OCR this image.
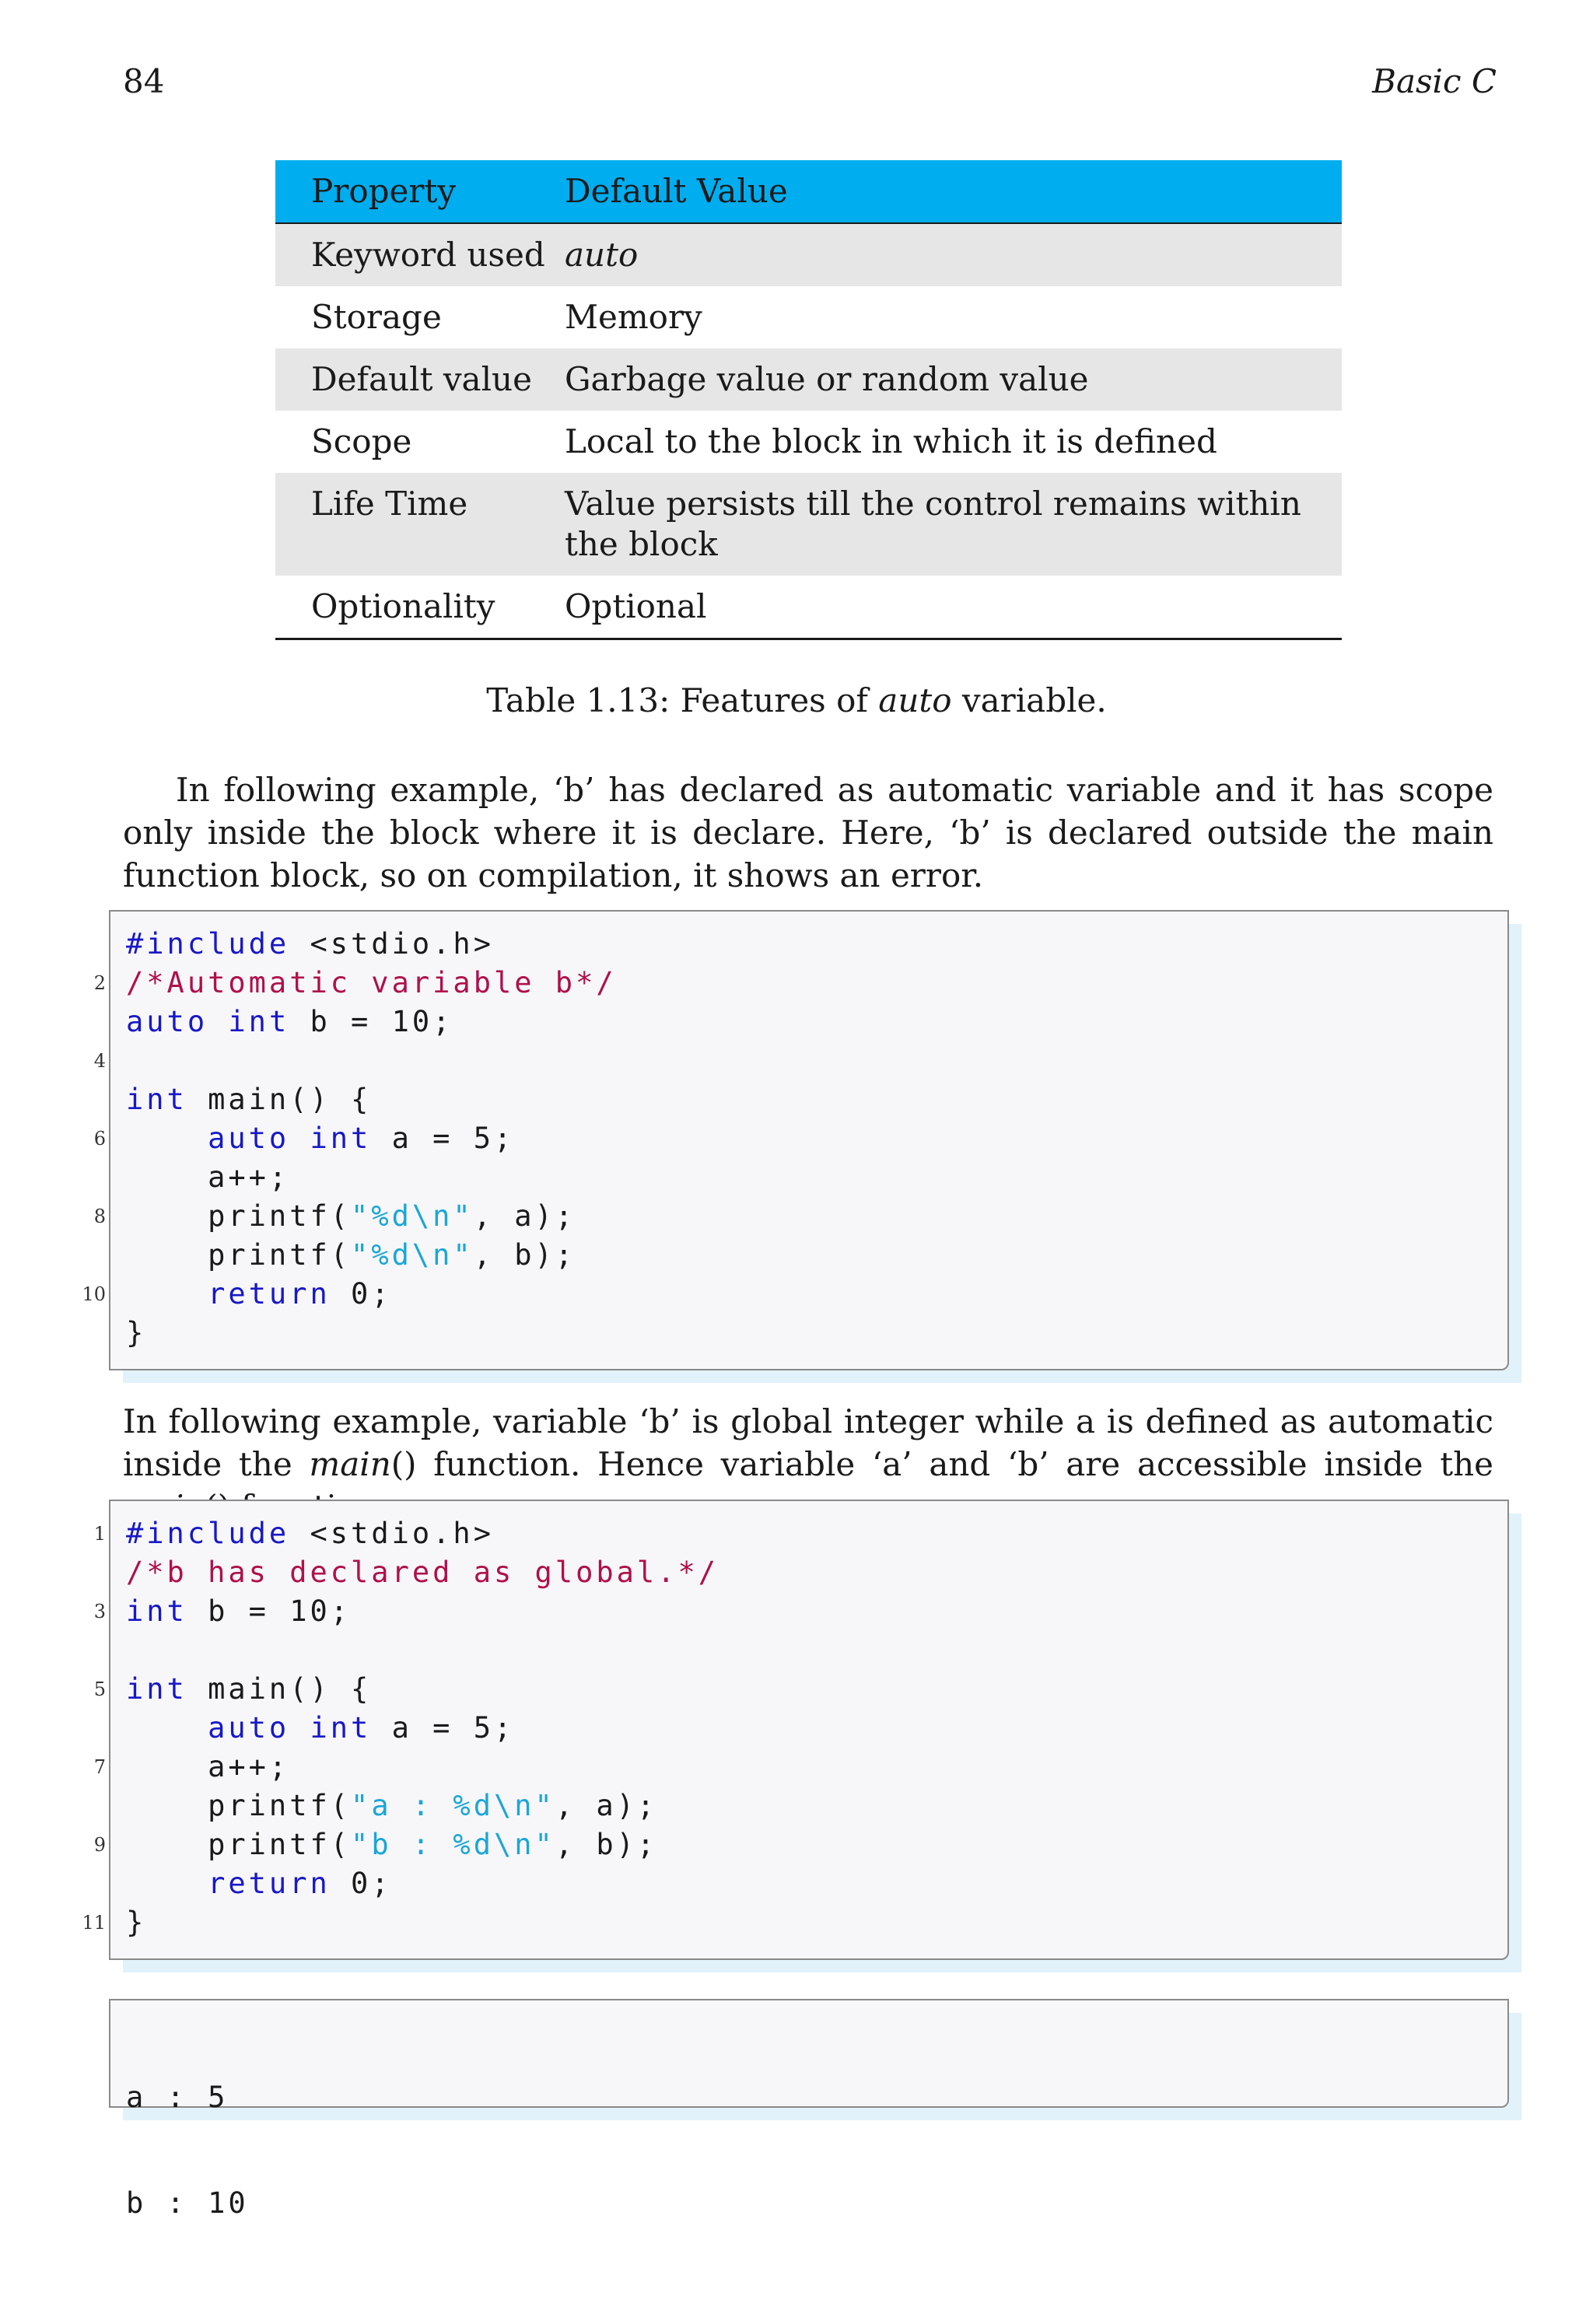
84	Basic C
Property	Default Value
Keyword used	auto
Storage	Memory
Default value	Garbage value or random value
Scope	Local to the block in which it is defined
Life Time	Value persists till the control remains within the block
Optionality	Optional
Table 1.13: Features of auto variable.

In following example, ‘b’ has declared as automatic variable and it has scope only inside the block where it is declare. Here, ‘b’ is declared outside the main function block, so on compilation, it shows an error.

2
4
6
8
10
#include <stdio.h>
/*Automatic variable b*/
auto int b = 10;
int main() {
auto int a = 5;
a++;
printf("%d\n", a);
printf("%d\n", b);
return 0;
}

In following example, variable ‘b’ is global integer while a is defined as automatic inside the main() function. Hence variable ‘a’ and ‘b’ are accessible inside the

1
3
5
7
9
11
#include <stdio.h>
/*b has declared as global.*/
int b = 10;
int main() {
auto int a = 5;
a++;
printf("a : %d\n", a);
printf("b : %d\n", b);
return 0;
}

a : 5

b : 10
